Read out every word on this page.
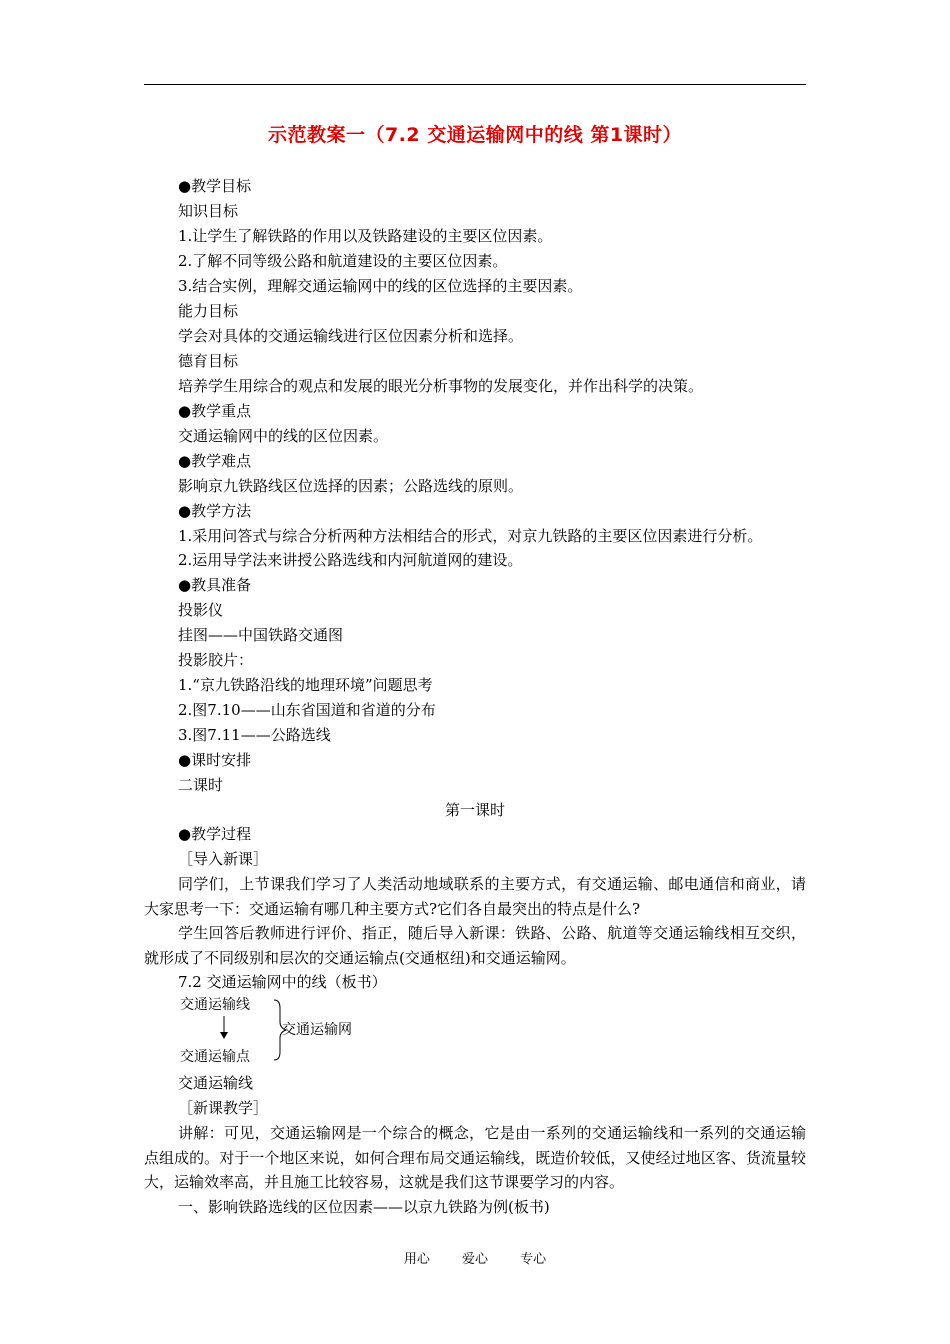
示范教案一（7.2 交通运输网中的线 第1课时）
●教学目标
知识目标
1.让学生了解铁路的作用以及铁路建设的主要区位因素。
2.了解不同等级公路和航道建设的主要区位因素。
3.结合实例，理解交通运输网中的线的区位选择的主要因素。
能力目标
学会对具体的交通运输线进行区位因素分析和选择。
德育目标
培养学生用综合的观点和发展的眼光分析事物的发展变化，并作出科学的决策。
●教学重点
交通运输网中的线的区位因素。
●教学难点
影响京九铁路线区位选择的因素；公路选线的原则。
●教学方法
1.采用问答式与综合分析两种方法相结合的形式，对京九铁路的主要区位因素进行分析。
2.运用导学法来讲授公路选线和内河航道网的建设。
●教具准备
投影仪
挂图——中国铁路交通图
投影胶片：
1.“京九铁路沿线的地理环境”问题思考
2.图7.10——山东省国道和省道的分布
3.图7.11——公路选线
●课时安排
二课时
第一课时
●教学过程
［导入新课］
同学们，上节课我们学习了人类活动地域联系的主要方式，有交通运输、邮电通信和商业，请大家思考一下：交通运输有哪几种主要方式?它们各自最突出的特点是什么?
学生回答后教师进行评价、指正，随后导入新课：铁路、公路、航道等交通运输线相互交织，就形成了不同级别和层次的交通运输点(交通枢纽)和交通运输网。
7.2 交通运输网中的线（板书）
交通运输线
交通运输点
交通运输网
交通运输线
［新课教学］
讲解：可见，交通运输网是一个综合的概念，它是由一系列的交通运输线和一系列的交通运输点组成的。对于一个地区来说，如何合理布局交通运输线，既造价较低，又使经过地区客、货流量较大，运输效率高，并且施工比较容易，这就是我们这节课要学习的内容。
一、影响铁路选线的区位因素——以京九铁路为例(板书)
用心 爱心 专心
